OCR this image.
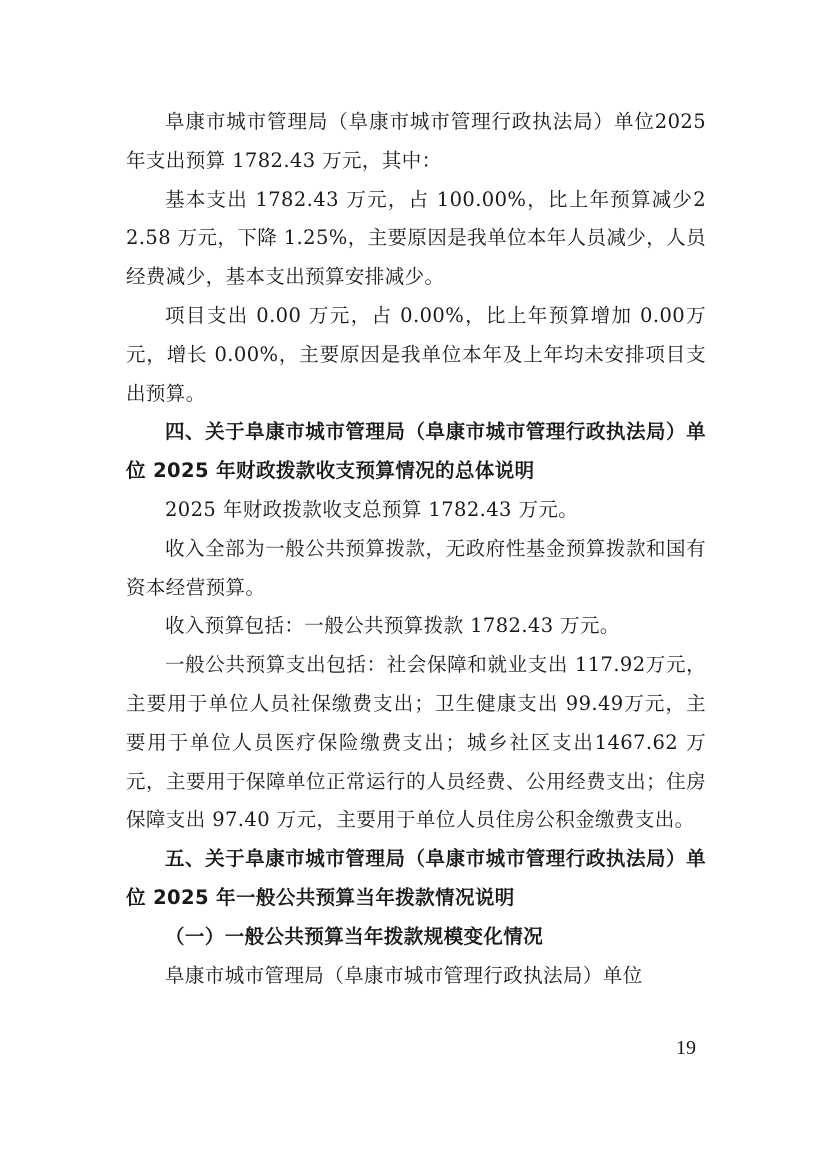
阜康市城市管理局（阜康市城市管理行政执法局）单位2025 年支出预算 1782.43 万元，其中：

基本支出 1782.43 万元，占 100.00%，比上年预算减少22.58 万元，下降 1.25%，主要原因是我单位本年人员减少，人员经费减少，基本支出预算安排减少。

项目支出 0.00 万元，占 0.00%，比上年预算增加 0.00万元，增长 0.00%，主要原因是我单位本年及上年均未安排项目支出预算。

四、关于阜康市城市管理局（阜康市城市管理行政执法局）单位 2025 年财政拨款收支预算情况的总体说明

2025 年财政拨款收支总预算 1782.43 万元。

收入全部为一般公共预算拨款，无政府性基金预算拨款和国有资本经营预算。

收入预算包括：一般公共预算拨款 1782.43 万元。

一般公共预算支出包括：社会保障和就业支出 117.92万元，主要用于单位人员社保缴费支出；卫生健康支出 99.49万元，主要用于单位人员医疗保险缴费支出；城乡社区支出1467.62 万元，主要用于保障单位正常运行的人员经费、公用经费支出；住房保障支出 97.40 万元，主要用于单位人员住房公积金缴费支出。

五、关于阜康市城市管理局（阜康市城市管理行政执法局）单位 2025 年一般公共预算当年拨款情况说明

（一）一般公共预算当年拨款规模变化情况

阜康市城市管理局（阜康市城市管理行政执法局）单位

19
